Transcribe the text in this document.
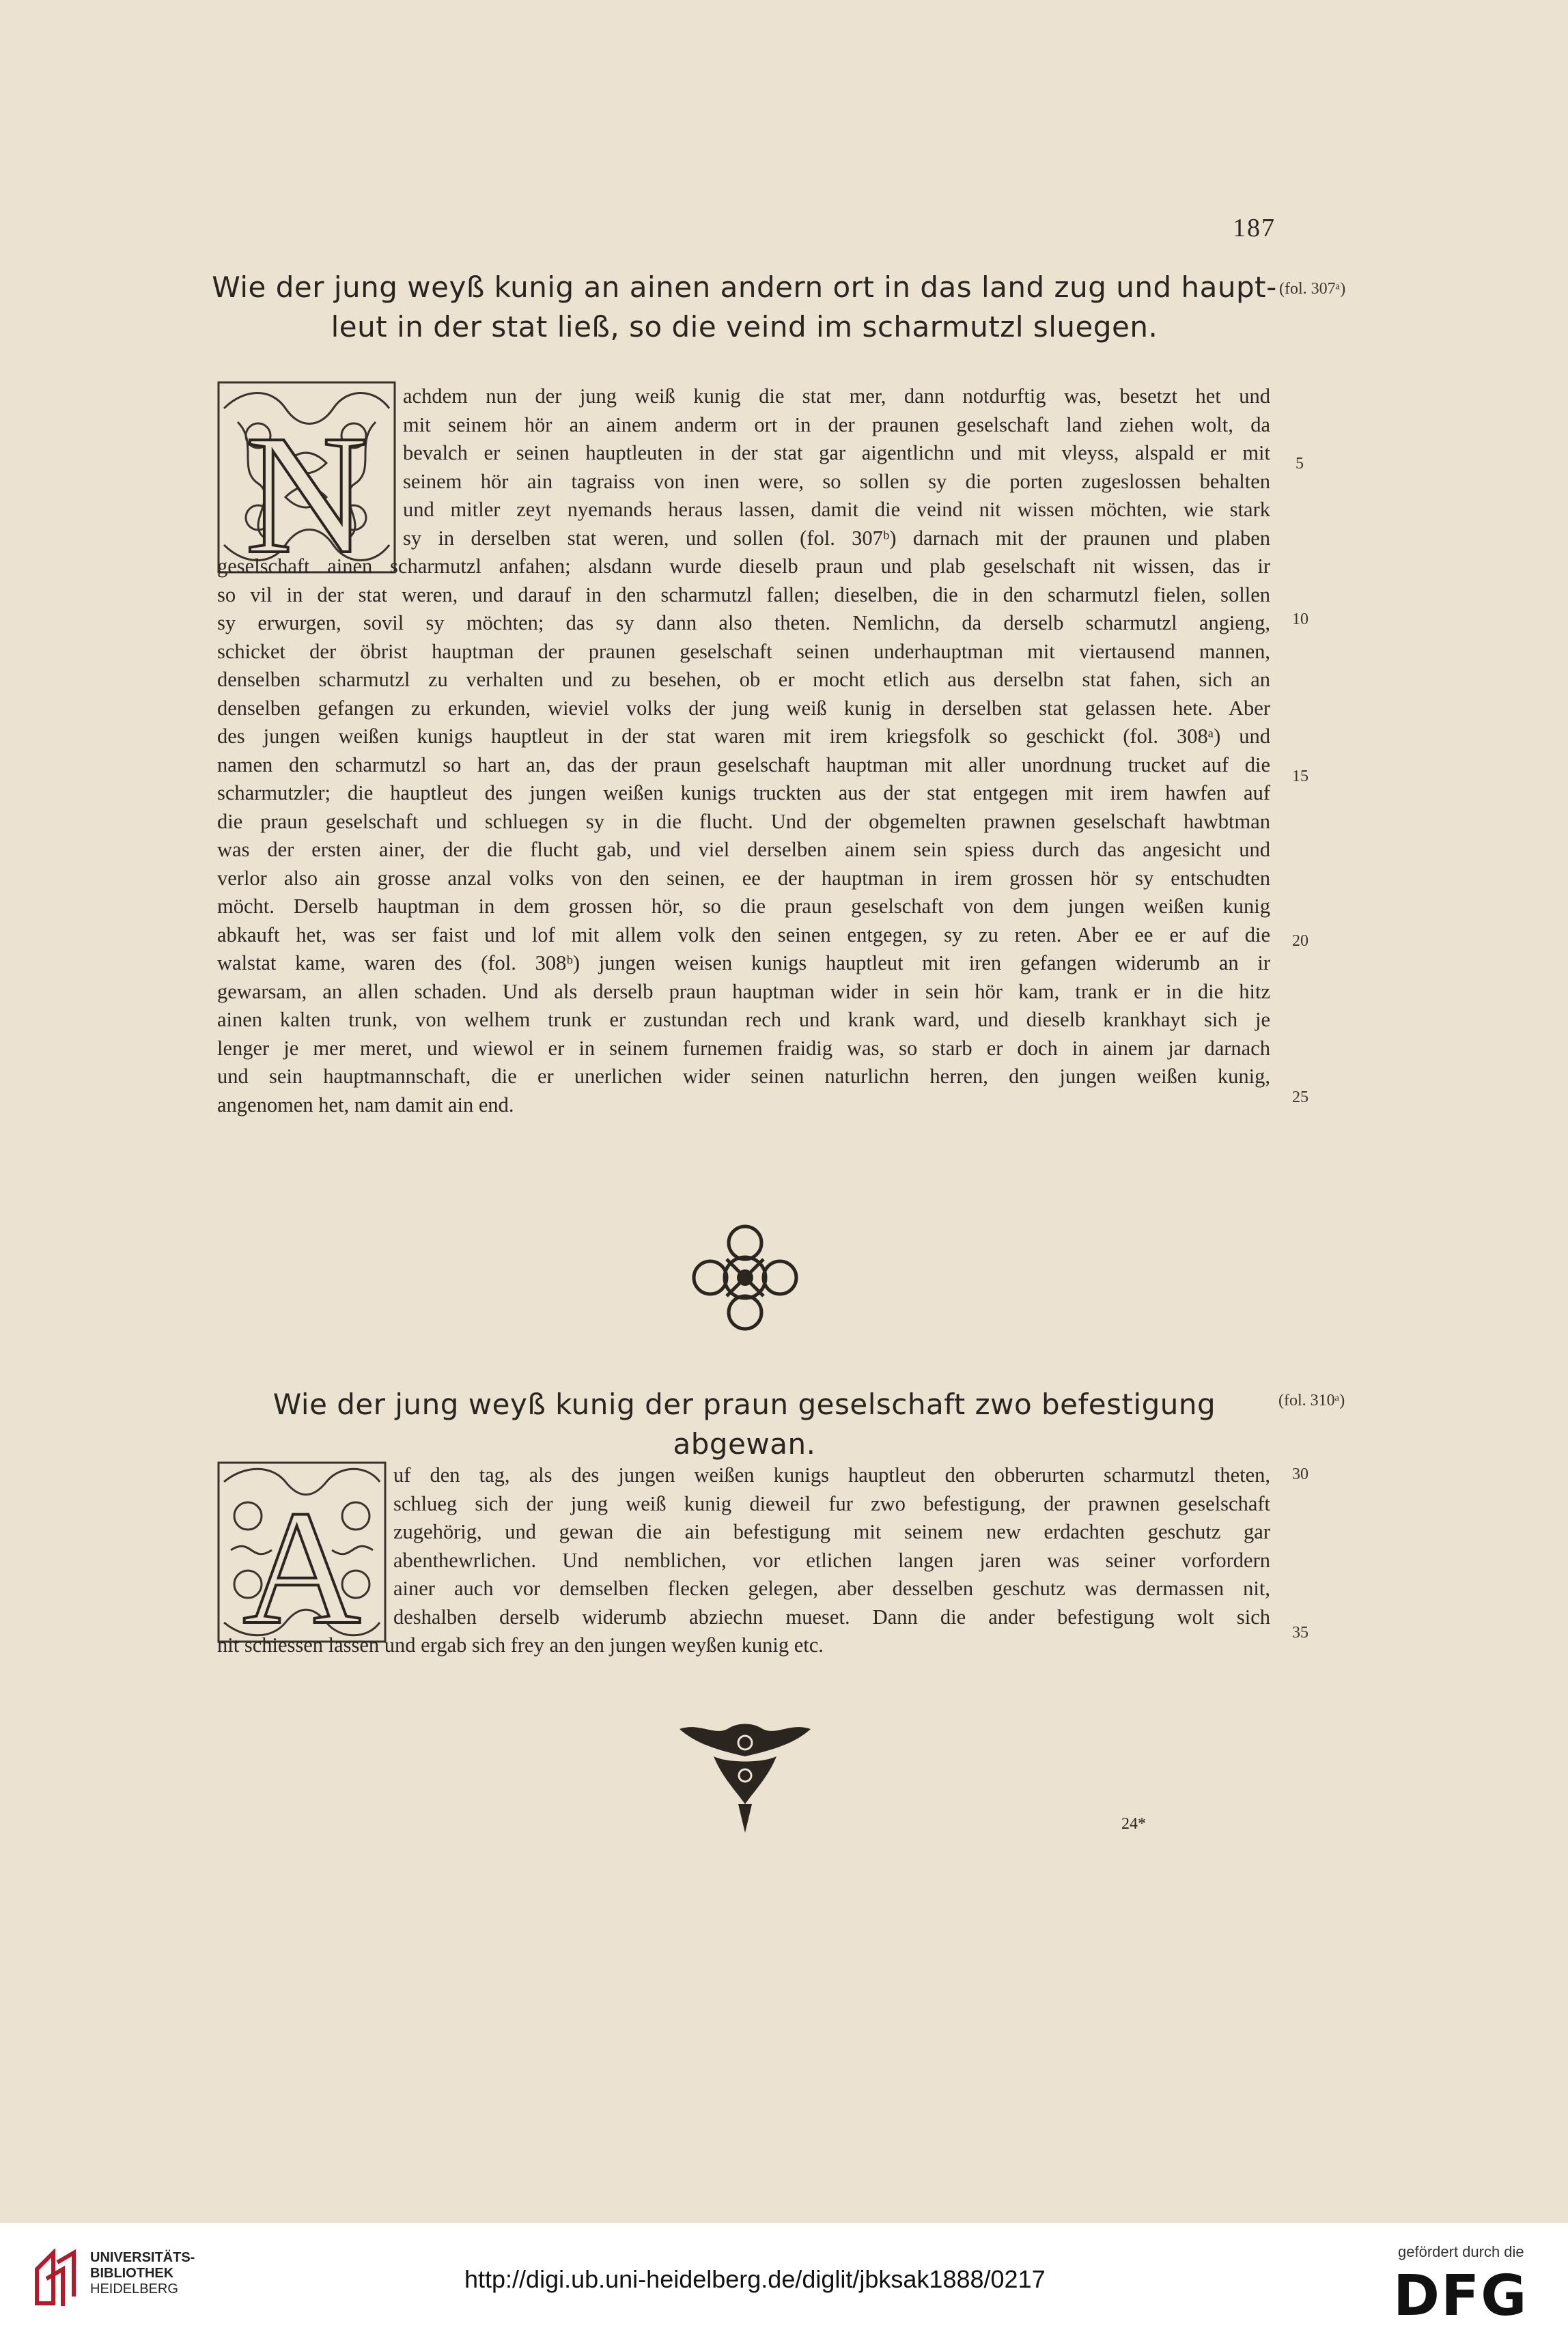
187
Wie der jung weyß kunig an ainen andern ort in das land zug und haupt-
leut in der stat ließ, so die veind im scharmutzl sluegen.
(fol. 307ᵃ)
N
achdem nun der jung weiß kunig die stat mer, dann notdurftig was, besetzt het und
mit seinem hör an ainem anderm ort in der praunen geselschaft land ziehen wolt, da
bevalch er seinen hauptleuten in der stat gar aigentlichn und mit vleyss, alspald er mit
seinem hör ain tagraiss von inen were, so sollen sy die porten zugeslossen behalten
und mitler zeyt nyemands heraus lassen, damit die veind nit wissen möchten, wie stark
sy in derselben stat weren, und sollen (fol. 307ᵇ) darnach mit der praunen und plaben
geselschaft ainen scharmutzl anfahen; alsdann wurde dieselb praun und plab geselschaft nit wissen, das ir
so vil in der stat weren, und darauf in den scharmutzl fallen; dieselben, die in den scharmutzl fielen, sollen
sy erwurgen, sovil sy möchten; das sy dann also theten. Nemlichn, da derselb scharmutzl angieng,
schicket der öbrist hauptman der praunen geselschaft seinen underhauptman mit viertausend mannen,
denselben scharmutzl zu verhalten und zu besehen, ob er mocht etlich aus derselbn stat fahen, sich an
denselben gefangen zu erkunden, wieviel volks der jung weiß kunig in derselben stat gelassen hete. Aber
des jungen weißen kunigs hauptleut in der stat waren mit irem kriegsfolk so geschickt (fol. 308ᵃ) und
namen den scharmutzl so hart an, das der praun geselschaft hauptman mit aller unordnung trucket auf die
scharmutzler; die hauptleut des jungen weißen kunigs truckten aus der stat entgegen mit irem hawfen auf
die praun geselschaft und schluegen sy in die flucht. Und der obgemelten prawnen geselschaft hawbtman
was der ersten ainer, der die flucht gab, und viel derselben ainem sein spiess durch das angesicht und
verlor also ain grosse anzal volks von den seinen, ee der hauptman in irem grossen hör sy entschudten
möcht. Derselb hauptman in dem grossen hör, so die praun geselschaft von dem jungen weißen kunig
abkauft het, was ser faist und lof mit allem volk den seinen entgegen, sy zu reten. Aber ee er auf die
walstat kame, waren des (fol. 308ᵇ) jungen weisen kunigs hauptleut mit iren gefangen widerumb an ir
gewarsam, an allen schaden. Und als derselb praun hauptman wider in sein hör kam, trank er in die hitz
ainen kalten trunk, von welhem trunk er zustundan rech und krank ward, und dieselb krankhayt sich je
lenger je mer meret, und wiewol er in seinem furnemen fraidig was, so starb er doch in ainem jar darnach
und sein hauptmannschaft, die er unerlichen wider seinen naturlichn herren, den jungen weißen kunig,
angenomen het, nam damit ain end.
5
10
15
20
25
Wie der jung weyß kunig der praun geselschaft zwo befestigung abgewan.
(fol. 310ᵃ)
A
uf den tag, als des jungen weißen kunigs hauptleut den obberurten scharmutzl theten,
schlueg sich der jung weiß kunig dieweil fur zwo befestigung, der prawnen geselschaft
zugehörig, und gewan die ain befestigung mit seinem new erdachten geschutz gar
abenthewrlichen. Und nemblichen, vor etlichen langen jaren was seiner vorfordern
ainer auch vor demselben flecken gelegen, aber desselben geschutz was dermassen nit,
deshalben derselb widerumb abziechn mueset. Dann die ander befestigung wolt sich
nit schiessen lassen und ergab sich frey an den jungen weyßen kunig etc.
30
35
24*
UNIVERSITÄTS-
BIBLIOTHEK
HEIDELBERG	http://digi.ub.uni-heidelberg.de/diglit/jbksak1888/0217
gefördert durch die
DFG
